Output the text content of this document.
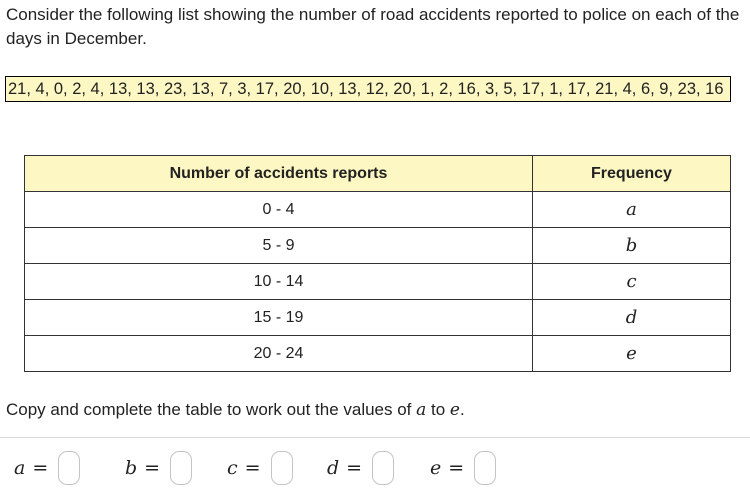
Consider the following list showing the number of road accidents reported to police on each of the days in December.

21, 4, 0, 2, 4, 13, 13, 23, 13, 7, 3, 17, 20, 10, 13, 12, 20, 1, 2, 16, 3, 5, 17, 1, 17, 21, 4, 6, 9, 23, 16
Number of accidents reports	Frequency
0 - 4	a
5 - 9	b
10 - 14	c
15 - 19	d
20 - 24	e

Copy and complete the table to work out the values of a to e.

a =	b =	c =	d =	e =
